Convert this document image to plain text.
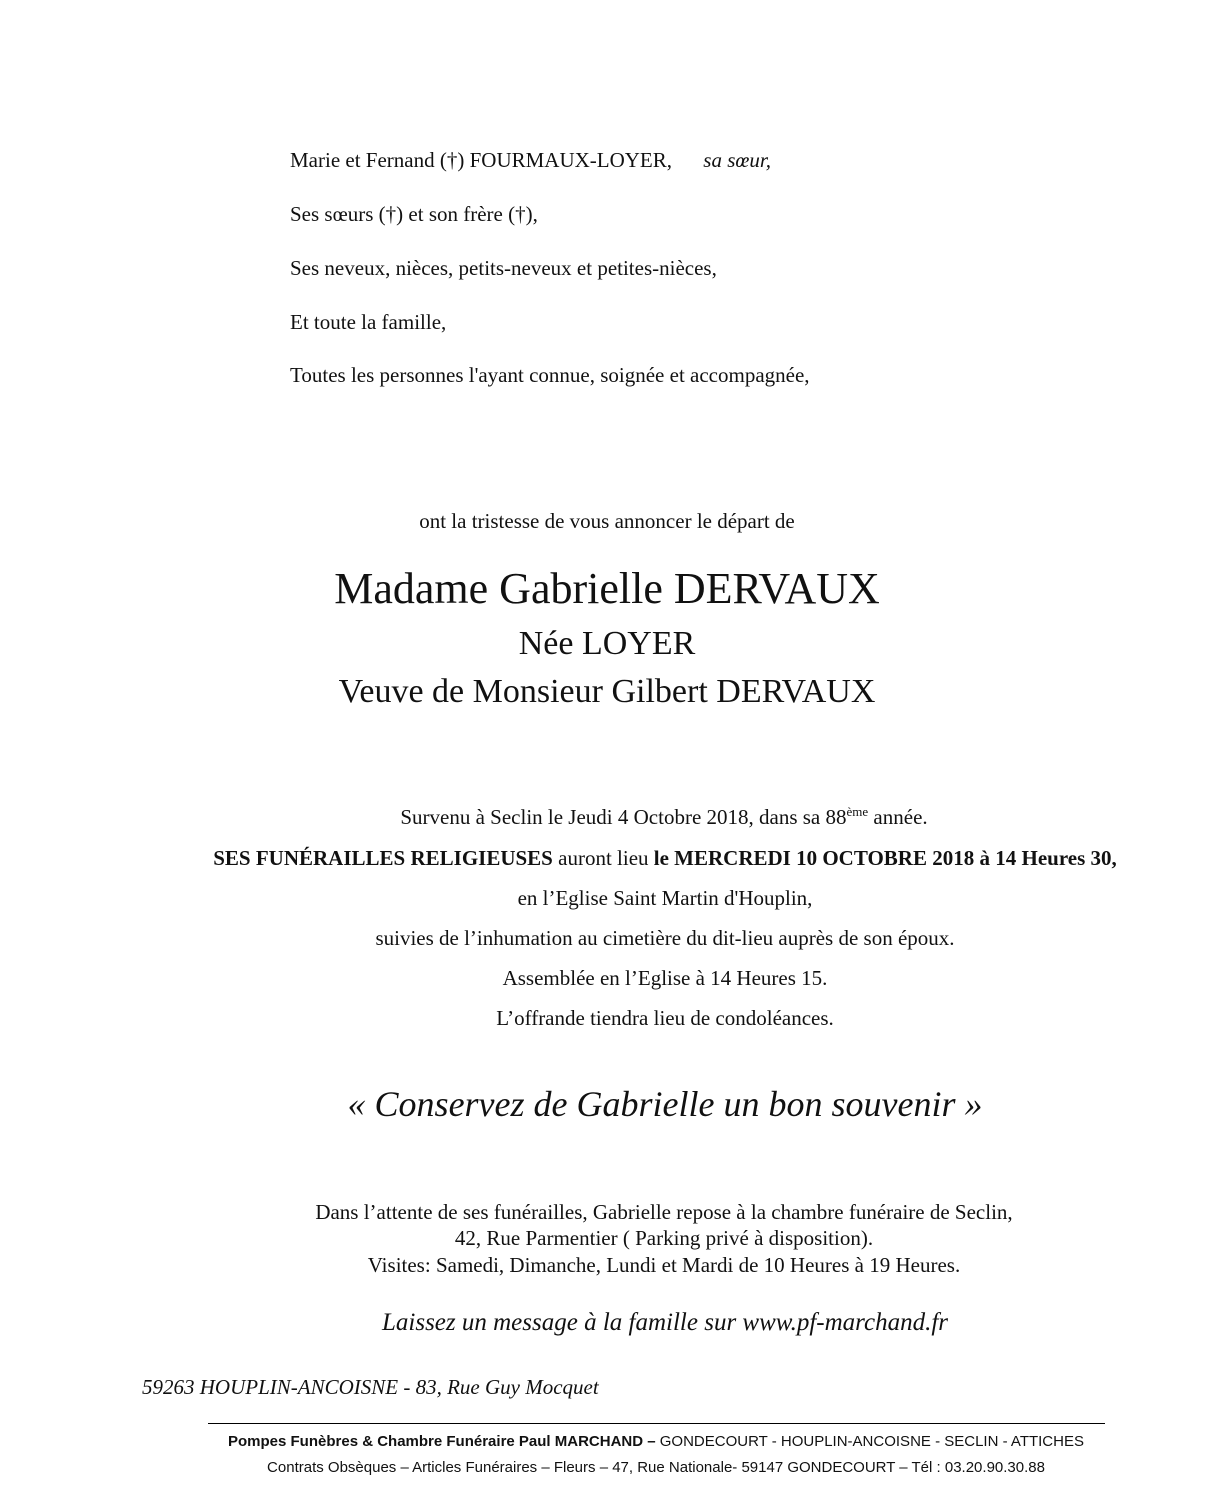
Marie et Fernand (†) FOURMAUX-LOYER, sa sœur,
Ses sœurs (†) et son frère (†),
Ses neveux, nièces, petits-neveux et petites-nièces,
Et toute la famille,
Toutes les personnes l'ayant connue, soignée et accompagnée,
ont la tristesse de vous annoncer le départ de
Madame Gabrielle DERVAUX
Née LOYER
Veuve de Monsieur Gilbert DERVAUX
Survenu à Seclin le Jeudi 4 Octobre 2018, dans sa 88ème année.
SES FUNÉRAILLES RELIGIEUSES auront lieu le MERCREDI 10 OCTOBRE 2018 à 14 Heures 30,
en l’Eglise Saint Martin d'Houplin,
suivies de l’inhumation au cimetière du dit-lieu auprès de son époux.
Assemblée en l’Eglise à 14 Heures 15.
L’offrande tiendra lieu de condoléances.
« Conservez de Gabrielle un bon souvenir »
Dans l’attente de ses funérailles, Gabrielle repose à la chambre funéraire de Seclin,
42, Rue Parmentier ( Parking privé à disposition).
Visites: Samedi, Dimanche, Lundi et Mardi de 10 Heures à 19 Heures.
Laissez un message à la famille sur www.pf-marchand.fr
59263 HOUPLIN-ANCOISNE - 83, Rue Guy Mocquet
Pompes Funèbres & Chambre Funéraire Paul MARCHAND – GONDECOURT - HOUPLIN-ANCOISNE - SECLIN - ATTICHES
Contrats Obsèques – Articles Funéraires – Fleurs – 47, Rue Nationale- 59147 GONDECOURT – Tél : 03.20.90.30.88
